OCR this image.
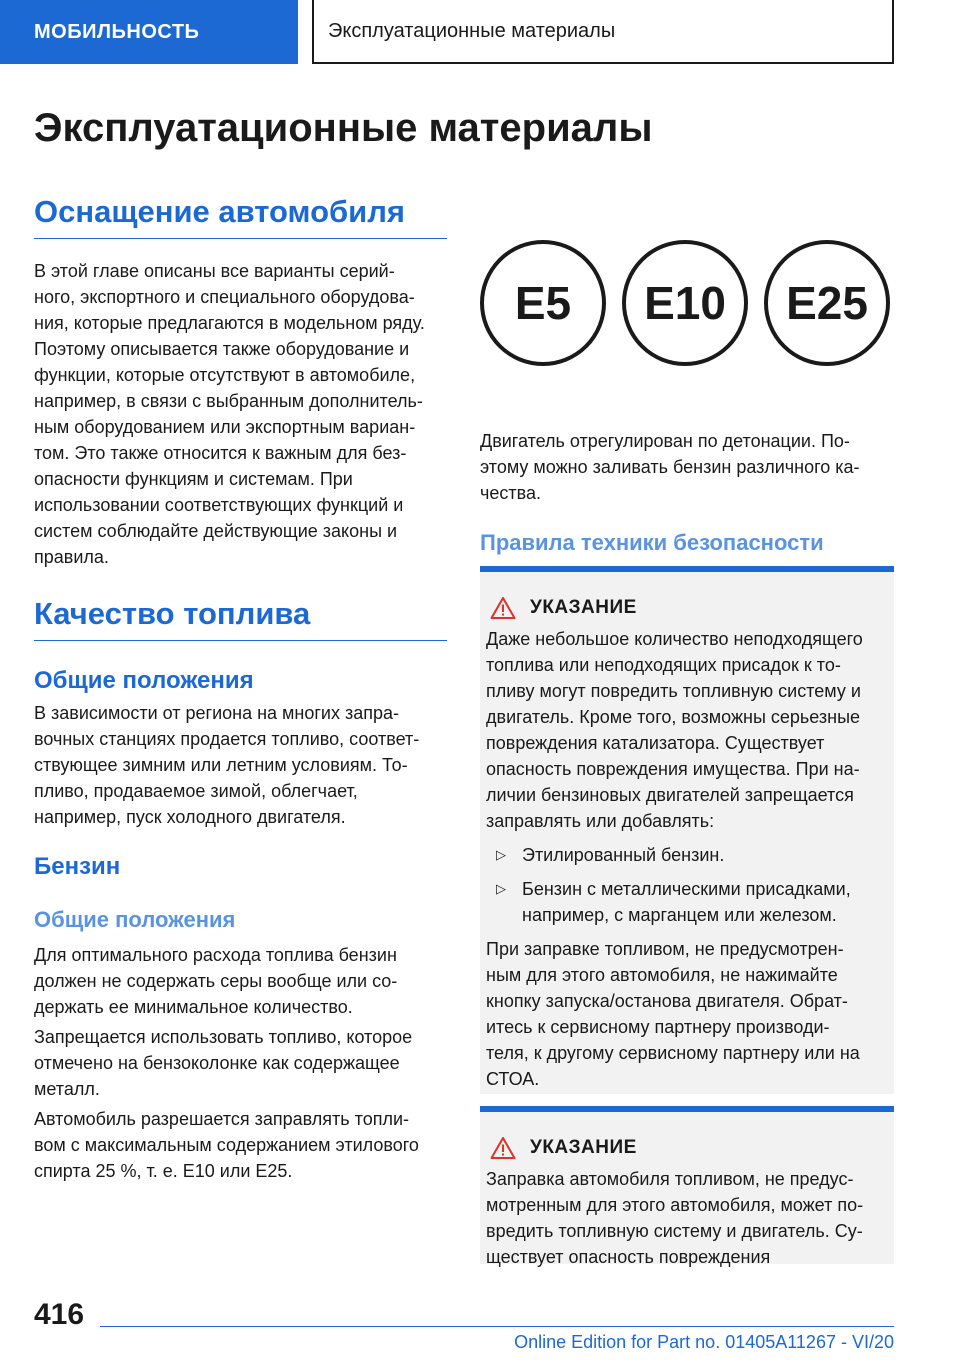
МОБИЛЬНОСТЬ	Эксплуатационные материалы
Эксплуатационные материалы
Оснащение автомобиля
В этой главе описаны все варианты серий-
ного, экспортного и специального оборудова-
ния, которые предлагаются в модельном ряду.
Поэтому описывается также оборудование и
функции, которые отсутствуют в автомобиле,
например, в связи с выбранным дополнитель-
ным оборудованием или экспортным вариан-
том. Это также относится к важным для без-
опасности функциям и системам. При
использовании соответствующих функций и
систем соблюдайте действующие законы и
правила.
Качество топлива
Общие положения
В зависимости от региона на многих запра-
вочных станциях продается топливо, соответ-
ствующее зимним или летним условиям. То-
пливо, продаваемое зимой, облегчает,
например, пуск холодного двигателя.
Бензин
Общие положения
Для оптимального расхода топлива бензин
должен не содержать серы вообще или со-
держать ее минимальное количество.
Запрещается использовать топливо, которое
отмечено на бензоколонке как содержащее
металл.
Автомобиль разрешается заправлять топли-
вом с максимальным содержанием этилового
спирта 25 %, т. е. E10 или E25.
E5	E10	E25
Двигатель отрегулирован по детонации. По-
этому можно заливать бензин различного ка-
чества.
Правила техники безопасности
УКАЗАНИЕ
Даже небольшое количество неподходящего
топлива или неподходящих присадок к то-
пливу могут повредить топливную систему и
двигатель. Кроме того, возможны серьезные
повреждения катализатора. Существует
опасность повреждения имущества. При на-
личии бензиновых двигателей запрещается
заправлять или добавлять:
▷ Этилированный бензин.
▷ Бензин с металлическими присадками,
например, с марганцем или железом.
При заправке топливом, не предусмотрен-
ным для этого автомобиля, не нажимайте
кнопку запуска/останова двигателя. Обрат-
итесь к сервисному партнеру производи-
теля, к другому сервисному партнеру или на
СТОА.
УКАЗАНИЕ
Заправка автомобиля топливом, не предус-
мотренным для этого автомобиля, может по-
вредить топливную систему и двигатель. Су-
ществует опасность повреждения
416
Online Edition for Part no. 01405A11267 - VI/20
